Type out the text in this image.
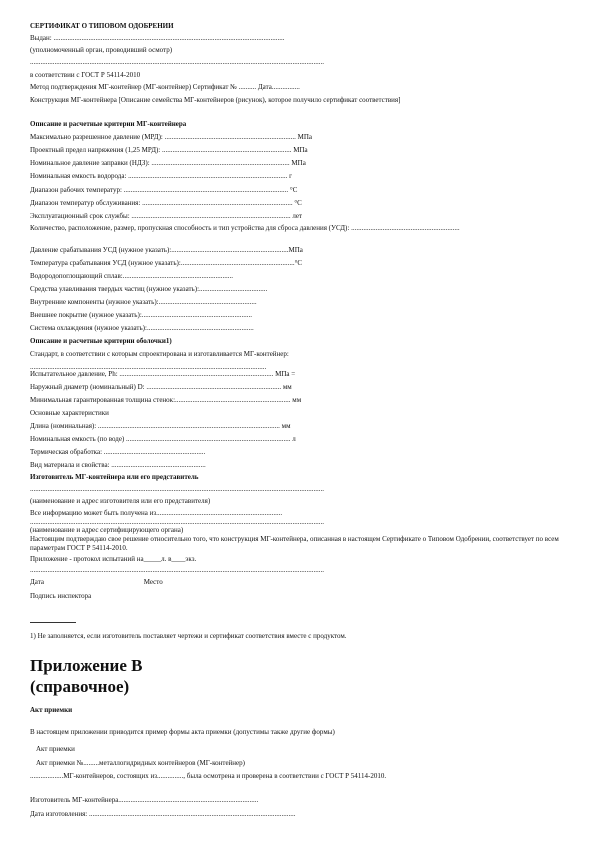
СЕРТИФИКАТ О ТИПОВОМ ОДОБРЕНИИ
Выдан: ....................................................................................................................................
(уполномоченный орган, проводивший осмотр)
........................................................................................................................................................................
в соответствии с ГОСТ Р 54114-2010
Метод подтверждения МГ-контейнер (МГ-контейнер) Сертификат № .......... Дата................
Конструкция МГ-контейнера [Описание семейства МГ-контейнеров (рисунок), которое получило сертификат соответствия]
Описание и расчетные критерии МГ-контейнера
Максимально разрешенное давление (МРД): ........................................................................... МПа
Проектный предел напряжения (1,25 МРД): .......................................................................... МПа
Номинальное давление заправки (НДЗ): ............................................................................... МПа
Номинальная емкость водорода: ........................................................................................... г
Диапазон рабочих температур: .............................................................................................. °С
Диапазон температур обслуживания: ...................................................................................... °С
Эксплуатационный срок службы: ........................................................................................... лет
Количество, расположение, размер, пропускная способность и тип устройства для сброса давления (УСД): ..............................................................
Давление срабатывания УСД (нужное указать):...................................................................МПа
Температура срабатывания УСД (нужное указать):.................................................................°С
Водородопоглощающий сплав:...............................................................
Средства улавливания твердых частиц (нужное указать):.......................................
Внутренние компоненты (нужное указать):........................................................
Внешнее покрытие (нужное указать):...............................................................
Система охлаждения (нужное указать):.............................................................
Описание и расчетные критерии оболочки1)
Стандарт, в соответствии с которым спроектирована и изготавливается МГ-контейнер:
.......................................................................................................................................
Испытательное давление, Ph: ........................................................................................ МПа =
Наружный диаметр (номинальный) D: ............................................................................. мм
Минимальная гарантированная толщина стенок:.................................................................. мм
Основные характеристики
Длина (номинальная): ........................................................................................................ мм
Номинальная емкость (по воде) .............................................................................................. л
Термическая обработка: ..........................................................
Вид материала и свойства: ......................................................
Изготовитель МГ-контейнера или его представитель
........................................................................................................................................................................
(наименование и адрес изготовителя или его представителя)
Все информацию может быть получена из........................................................................
........................................................................................................................................................................
(наименование и адрес сертифицирующего органа)
Настоящим подтверждаю свое решение относительно того, что конструкция МГ-контейнера, описанная в настоящем Сертификате о Типовом Одобрении, соответствует по всем параметрам ГОСТ Р 54114-2010.
Приложение - протокол испытаний на_____л. в____экз.
........................................................................................................................................................................
Дата                                                         Место
Подпись инспектора
1) Не заполняется, если изготовитель поставляет чертежи и сертификат соответствия вместе с продуктом.
Приложение В
(справочное)
Акт приемки
В настоящем приложении приводится пример формы акта приемки (допустимы также другие формы)
Акт приемки
Акт приемки №.........металлогидридных контейнеров (МГ-контейнер)
...................МГ-контейнеров, состоящих из..............., была осмотрена и проверена в соответствии с ГОСТ Р 54114-2010.
Изготовитель МГ-контейнера................................................................................
Дата изготовления: ......................................................................................................................
